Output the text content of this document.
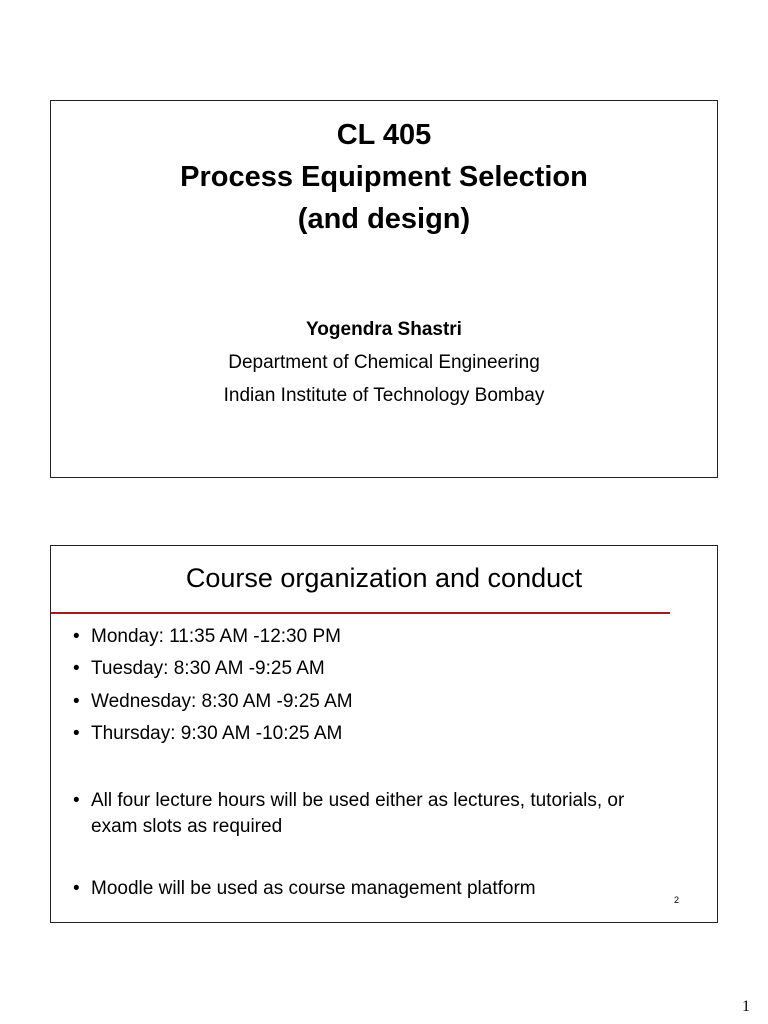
CL 405
Process Equipment Selection
(and design)
Yogendra Shastri
Department of Chemical Engineering
Indian Institute of Technology Bombay
Course organization and conduct
• Monday: 11:35 AM -12:30 PM
• Tuesday: 8:30 AM -9:25 AM
• Wednesday: 8:30 AM -9:25 AM
• Thursday: 9:30 AM -10:25 AM
• All four lecture hours will be used either as lectures, tutorials, or exam slots as required
• Moodle will be used as course management platform
2
1
